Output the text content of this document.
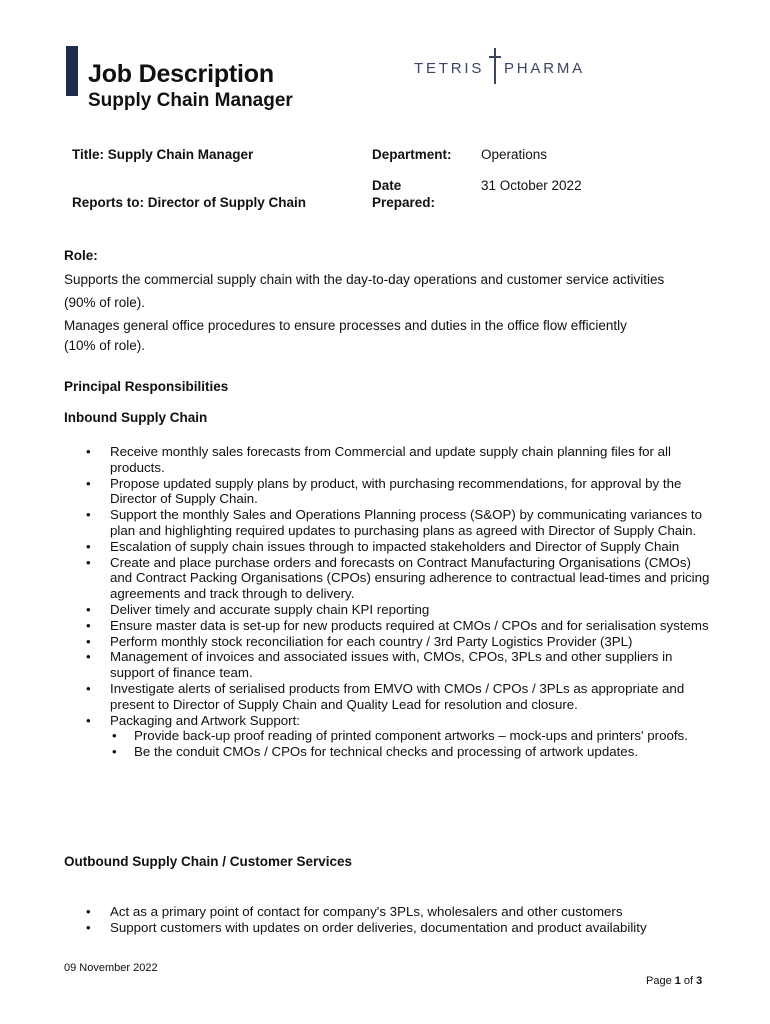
Job Description
Supply Chain Manager
TETRIS PHARMA
Title: Supply Chain Manager
Reports to: Director of Supply Chain
Department: Operations
Date
Prepared:
31 October 2022
Role:
Supports the commercial supply chain with the day-to-day operations and customer service activities
(90% of role).
Manages general office procedures to ensure processes and duties in the office flow efficiently
(10% of role).
Principal Responsibilities
Inbound Supply Chain
• Receive monthly sales forecasts from Commercial and update supply chain planning files for all products.
• Propose updated supply plans by product, with purchasing recommendations, for approval by the Director of Supply Chain.
• Support the monthly Sales and Operations Planning process (S&OP) by communicating variances to plan and highlighting required updates to purchasing plans as agreed with Director of Supply Chain.
• Escalation of supply chain issues through to impacted stakeholders and Director of Supply Chain
• Create and place purchase orders and forecasts on Contract Manufacturing Organisations (CMOs) and Contract Packing Organisations (CPOs) ensuring adherence to contractual lead-times and pricing agreements and track through to delivery.
• Deliver timely and accurate supply chain KPI reporting
• Ensure master data is set-up for new products required at CMOs / CPOs and for serialisation systems
• Perform monthly stock reconciliation for each country / 3rd Party Logistics Provider (3PL)
• Management of invoices and associated issues with, CMOs, CPOs, 3PLs and other suppliers in support of finance team.
• Investigate alerts of serialised products from EMVO with CMOs / CPOs / 3PLs as appropriate and present to Director of Supply Chain and Quality Lead for resolution and closure.
• Packaging and Artwork Support:
• Provide back-up proof reading of printed component artworks – mock-ups and printers' proofs.
• Be the conduit CMOs / CPOs for technical checks and processing of artwork updates.
Outbound Supply Chain / Customer Services
• Act as a primary point of contact for company's 3PLs, wholesalers and other customers
• Support customers with updates on order deliveries, documentation and product availability
09 November 2022
Page 1 of 3
